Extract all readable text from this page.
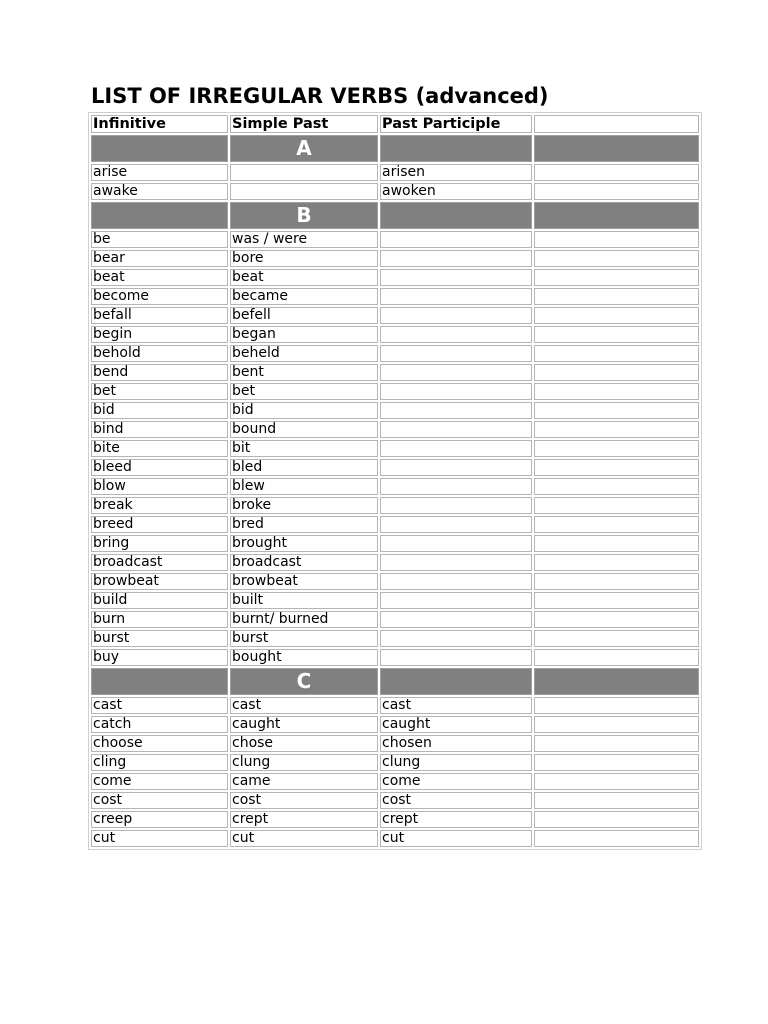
LIST OF IRREGULAR VERBS (advanced)
Infinitive	Simple Past	Past Participle	
	A		
arise		arisen	
awake		awoken	
	B		
be	was / were		
bear	bore		
beat	beat		
become	became		
befall	befell		
begin	began		
behold	beheld		
bend	bent		
bet	bet		
bid	bid		
bind	bound		
bite	bit		
bleed	bled		
blow	blew		
break	broke		
breed	bred		
bring	brought		
broadcast	broadcast		
browbeat	browbeat		
build	built		
burn	burnt/ burned		
burst	burst		
buy	bought		
	C		
cast	cast	cast	
catch	caught	caught	
choose	chose	chosen	
cling	clung	clung	
come	came	come	
cost	cost	cost	
creep	crept	crept	
cut	cut	cut	
